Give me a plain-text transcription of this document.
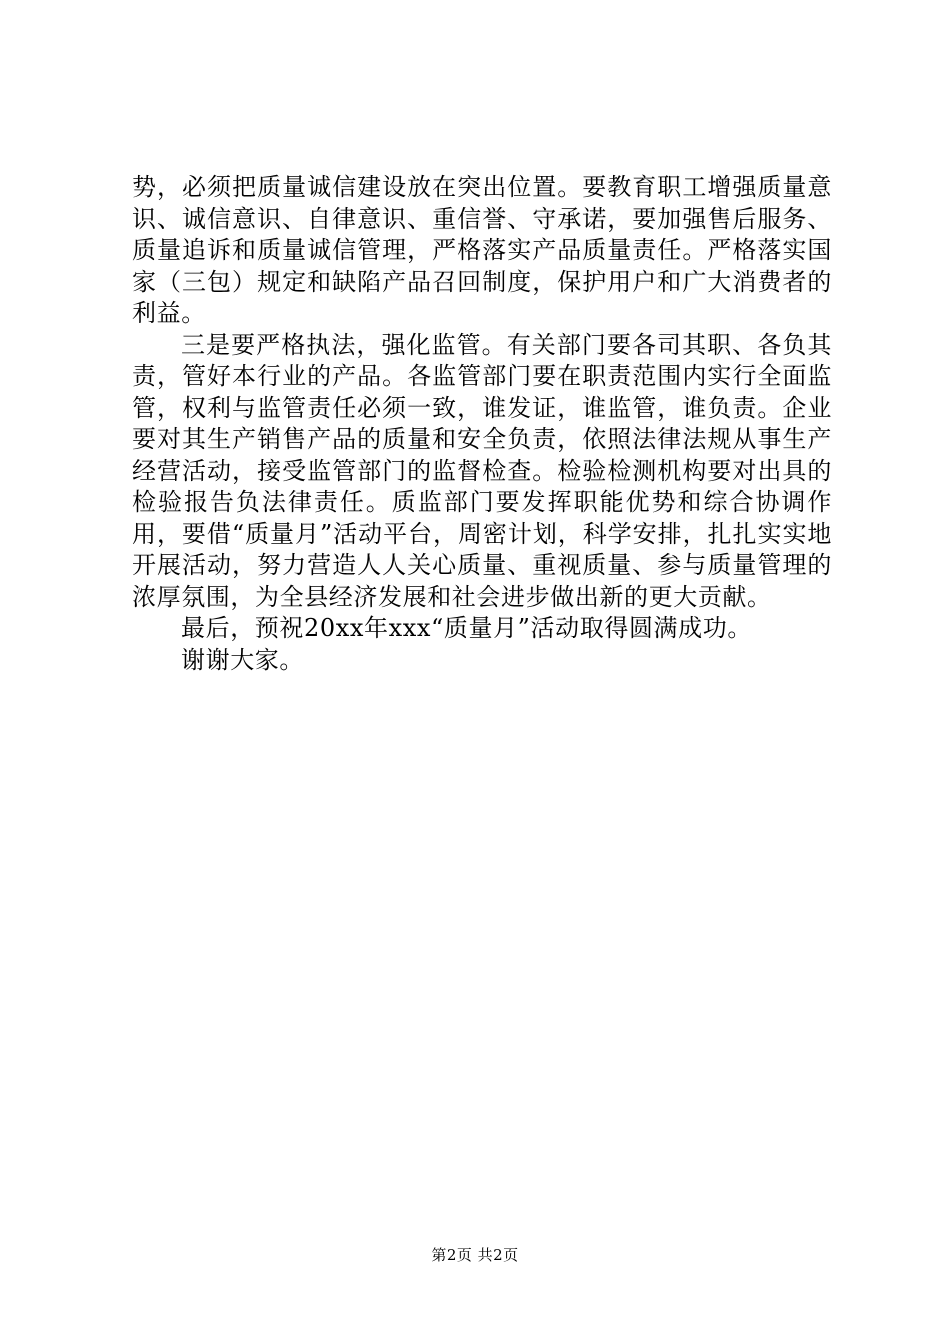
势，必须把质量诚信建设放在突出位置。要教育职工增强质量意识、诚信意识、自律意识、重信誉、守承诺，要加强售后服务、质量追诉和质量诚信管理，严格落实产品质量责任。严格落实国家（三包）规定和缺陷产品召回制度，保护用户和广大消费者的利益。

三是要严格执法，强化监管。有关部门要各司其职、各负其责，管好本行业的产品。各监管部门要在职责范围内实行全面监管，权利与监管责任必须一致，谁发证，谁监管，谁负责。企业要对其生产销售产品的质量和安全负责，依照法律法规从事生产经营活动，接受监管部门的监督检查。检验检测机构要对出具的检验报告负法律责任。质监部门要发挥职能优势和综合协调作用，要借“质量月”活动平台，周密计划，科学安排，扎扎实实地开展活动，努力营造人人关心质量、重视质量、参与质量管理的浓厚氛围，为全县经济发展和社会进步做出新的更大贡献。

最后，预祝20xx年xxx“质量月”活动取得圆满成功。

谢谢大家。

第2页 共2页
